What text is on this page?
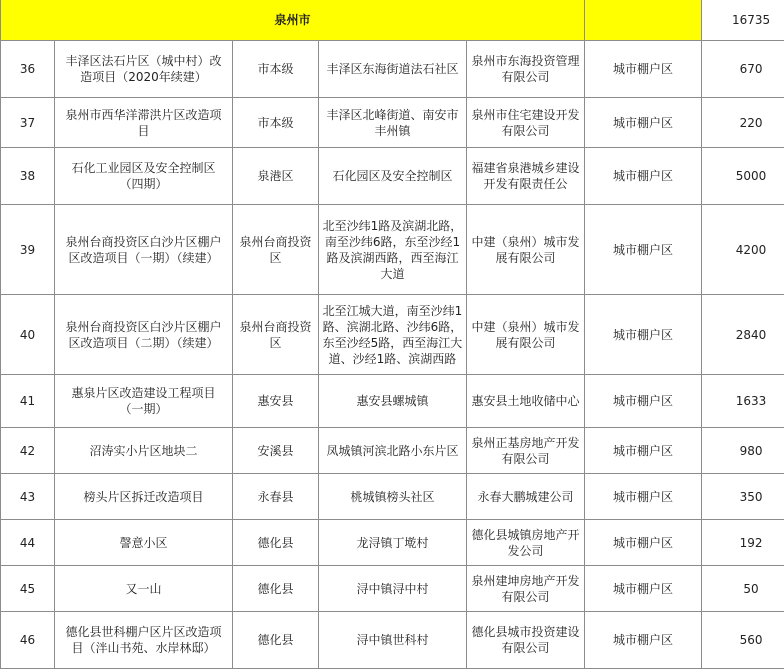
泉州市						16735
36	丰泽区法石片区（城中村）改造项目（2020年续建）	市本级	丰泽区东海街道法石社区	泉州市东海投资管理有限公司	城市棚户区	670
37	泉州市西华洋滞洪片区改造项目	市本级	丰泽区北峰街道、南安市丰州镇	泉州市住宅建设开发有限公司	城市棚户区	220
38	石化工业园区及安全控制区（四期）	泉港区	石化园区及安全控制区	福建省泉港城乡建设开发有限责任公	城市棚户区	5000
39	泉州台商投资区白沙片区棚户区改造项目（一期）（续建）	泉州台商投资区	北至沙纬1路及滨湖北路，南至沙纬6路，东至沙经1路及滨湖西路，西至海江大道	中建（泉州）城市发展有限公司	城市棚户区	4200
40	泉州台商投资区白沙片区棚户区改造项目（二期）（续建）	泉州台商投资区	北至江城大道，南至沙纬1路、滨湖北路、沙纬6路，东至沙经5路，西至海江大道、沙经1路、滨湖西路	中建（泉州）城市发展有限公司	城市棚户区	2840
41	惠泉片区改造建设工程项目（一期）	惠安县	惠安县螺城镇	惠安县土地收储中心	城市棚户区	1633
42	沼涛实小片区地块二	安溪县	凤城镇河滨北路小东片区	泉州正基房地产开发有限公司	城市棚户区	980
43	榜头片区拆迁改造项目	永春县	桃城镇榜头社区	永春大鹏城建公司	城市棚户区	350
44	謦意小区	德化县	龙浔镇丁墘村	德化县城镇房地产开发公司	城市棚户区	192
45	又一山	德化县	浔中镇浔中村	泉州建坤房地产开发有限公司	城市棚户区	50
46	德化县世科棚户区片区改造项目（泮山书苑、水岸林邸）	德化县	浔中镇世科村	德化县城市投资建设有限公司	城市棚户区	560
